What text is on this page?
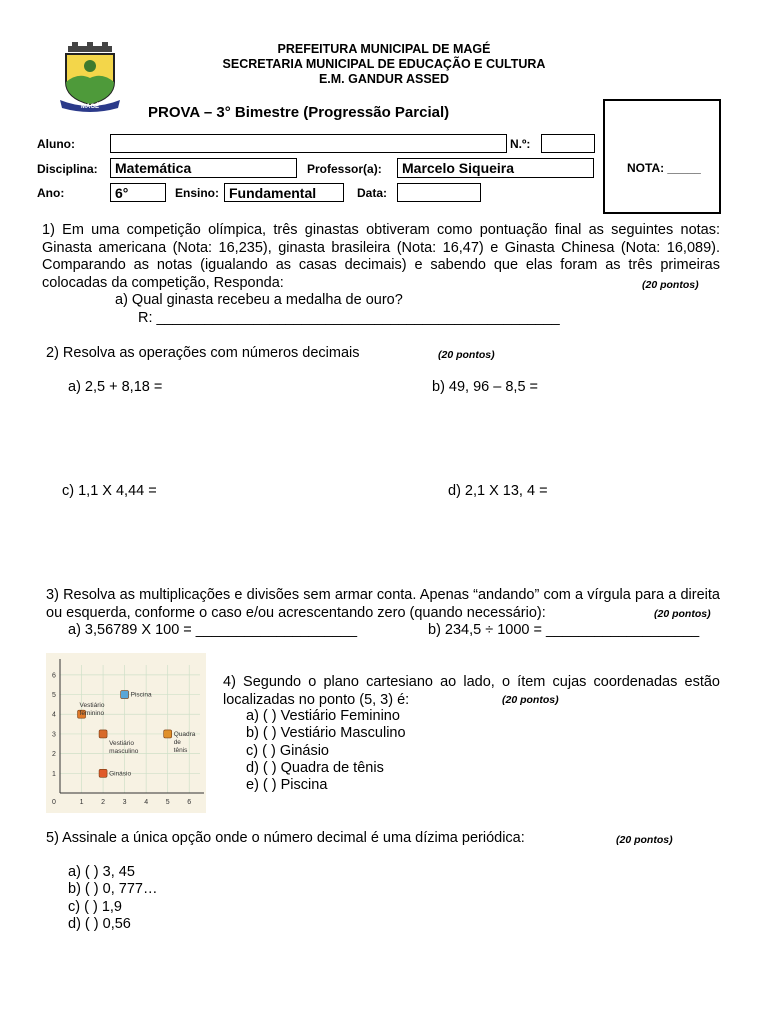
MAGÉ
PREFEITURA MUNICIPAL DE MAGÉ
SECRETARIA MUNICIPAL DE EDUCAÇÃO E CULTURA
E.M. GANDUR ASSED
PROVA – 3° Bimestre (Progressão Parcial)
NOTA: _____
Aluno:	N.º:
Disciplina:	Matemática	Professor(a):	Marcelo Siqueira
Ano:	6°	Ensino: Fundamental	Data:
1) Em uma competição olímpica, três ginastas obtiveram como pontuação final as seguintes notas: Ginasta americana (Nota: 16,235), ginasta brasileira (Nota: 16,47) e Ginasta Chinesa (Nota: 16,089). Comparando as notas (igualando as casas decimais) e sabendo que elas foram as três primeiras colocadas da competição, Responda:	(20 pontos)
a) Qual ginasta recebeu a medalha de ouro?
R: __________________________________________________
2) Resolva as operações com números decimais	(20 pontos)
a) 2,5 + 8,18 =	b) 49, 96 – 8,5 =
c) 1,1 X 4,44 =	d) 2,1 X 13, 4 =
3) Resolva as multiplicações e divisões sem armar conta. Apenas “andando” com a vírgula para a direita ou esquerda, conforme o caso e/ou acrescentando zero (quando necessário):	(20 pontos)
a) 3,56789 X 100 = ____________________	b) 234,5 ÷ 1000 = ___________________
0	1	2	3	4	5	6
1
2
3
4
5
6
Vestiário
feminino
Piscina
Vestiário
masculino
Quadra
de
tênis
Ginásio
4) Segundo o plano cartesiano ao lado, o ítem cujas coordenadas estão localizadas no ponto (5, 3) é:	(20 pontos)
a) ( ) Vestiário Feminino
b) ( ) Vestiário Masculino
c) ( ) Ginásio
d) ( ) Quadra de tênis
e) ( ) Piscina
5) Assinale a única opção onde o número decimal é uma dízima periódica:	(20 pontos)
a) ( ) 3, 45
b) ( ) 0, 777…
c) ( ) 1,9
d) ( ) 0,56
